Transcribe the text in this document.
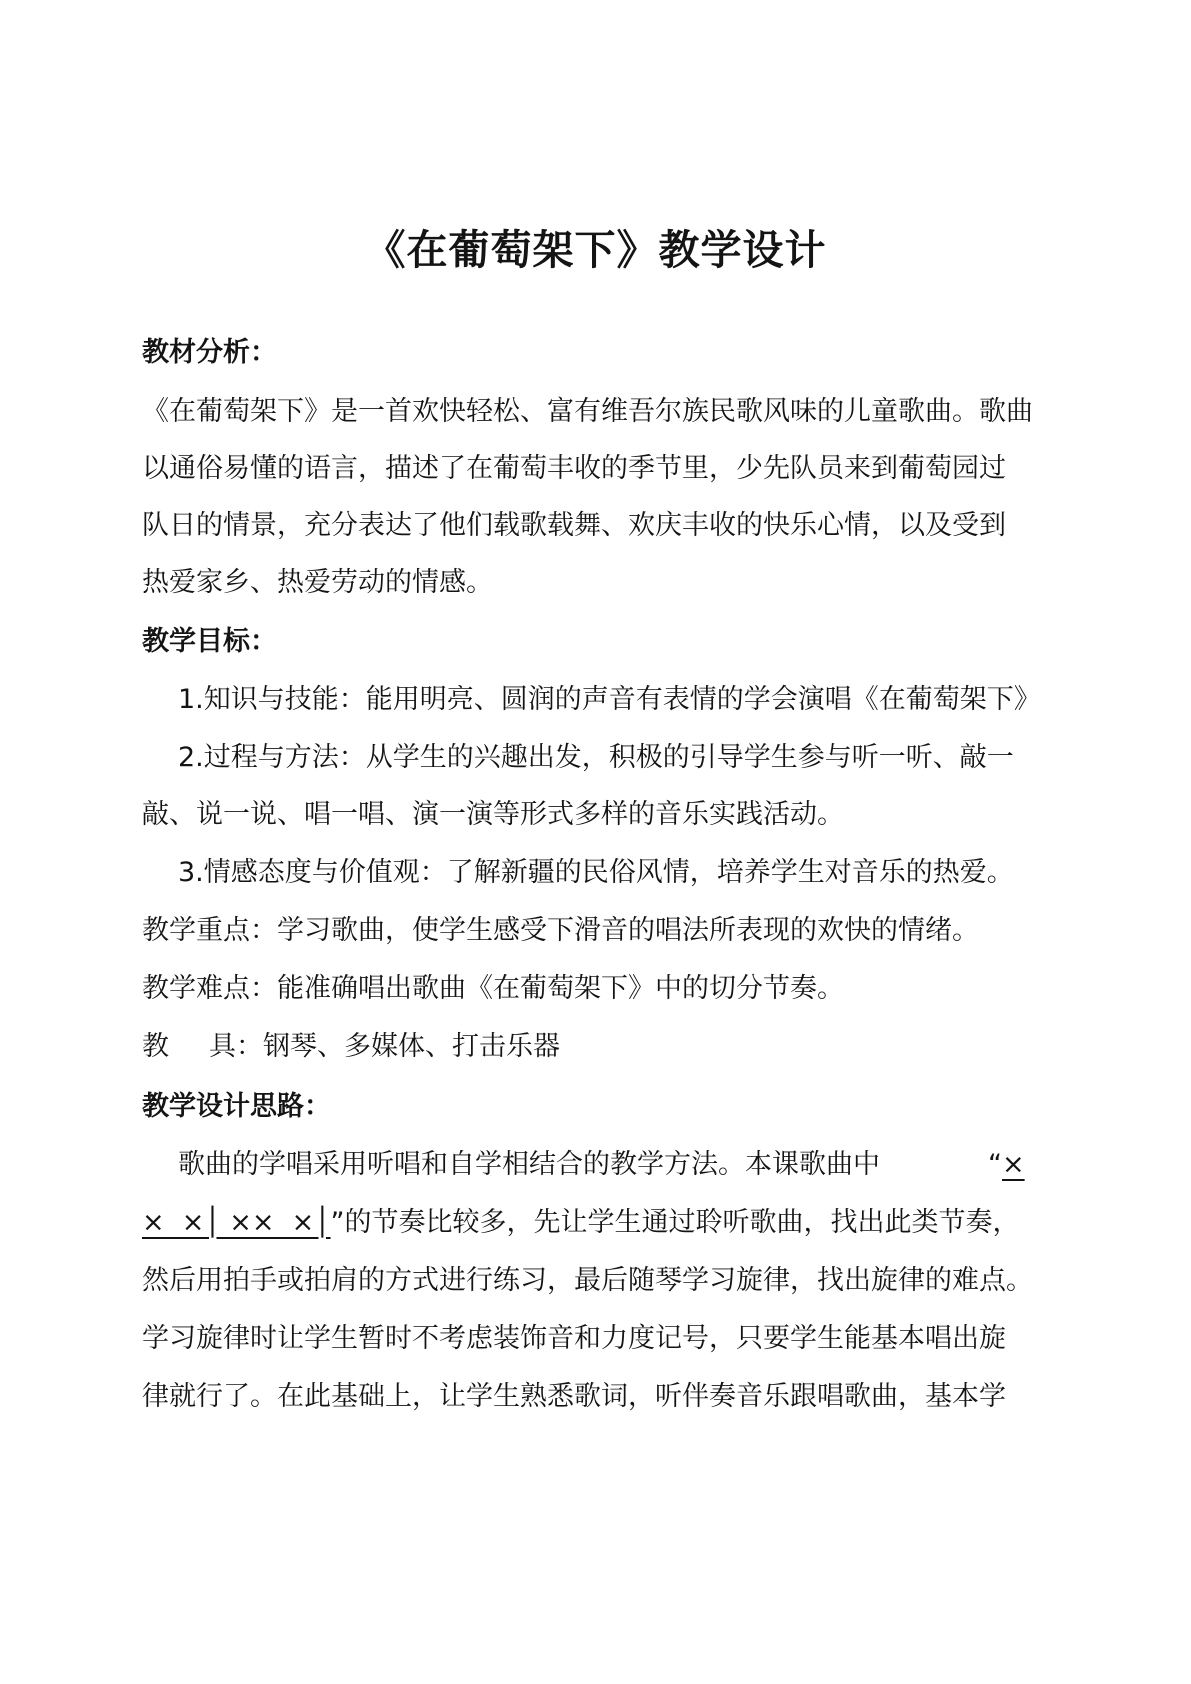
《在葡萄架下》教学设计
教材分析：
《在葡萄架下》是一首欢快轻松、富有维吾尔族民歌风味的儿童歌曲。歌曲
以通俗易懂的语言，描述了在葡萄丰收的季节里，少先队员来到葡萄园过
队日的情景，充分表达了他们载歌载舞、欢庆丰收的快乐心情，以及受到
热爱家乡、热爱劳动的情感。
教学目标：
1.知识与技能：能用明亮、圆润的声音有表情的学会演唱《在葡萄架下》
2.过程与方法：从学生的兴趣出发，积极的引导学生参与听一听、敲一
敲、说一说、唱一唱、演一演等形式多样的音乐实践活动。
3.情感态度与价值观：了解新疆的民俗风情，培养学生对音乐的热爱。
教学重点：学习歌曲，使学生感受下滑音的唱法所表现的欢快的情绪。
教学难点：能准确唱出歌曲《在葡萄架下》中的切分节奏。
教 具：钢琴、多媒体、打击乐器
教学设计思路：
歌曲的学唱采用听唱和自学相结合的教学方法。本课歌曲中	“×
×  ×│ ××  ×│”的节奏比较多，先让学生通过聆听歌曲，找出此类节奏，
然后用拍手或拍肩的方式进行练习，最后随琴学习旋律，找出旋律的难点。
学习旋律时让学生暂时不考虑装饰音和力度记号，只要学生能基本唱出旋
律就行了。在此基础上，让学生熟悉歌词，听伴奏音乐跟唱歌曲，基本学
